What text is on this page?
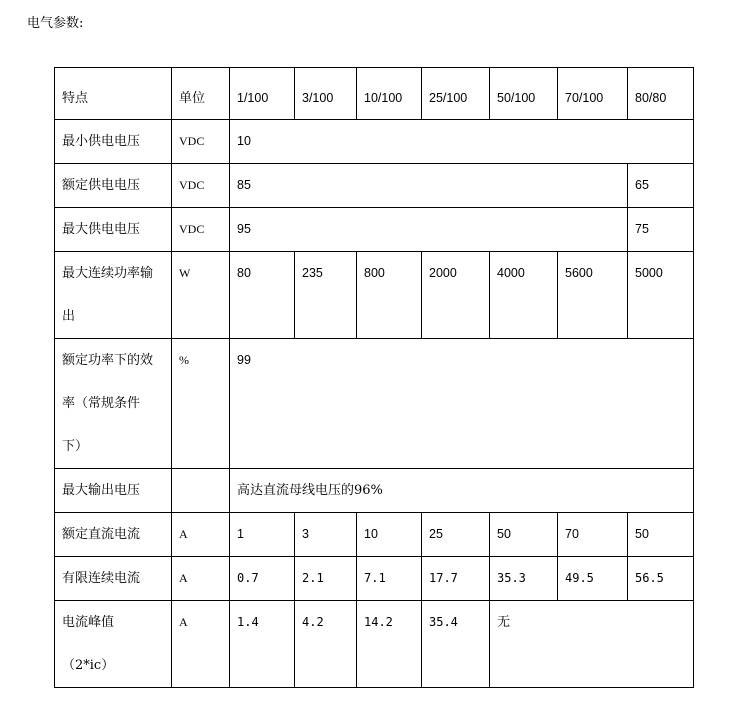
电气参数:
特点	单位	1/100	3/100	10/100	25/100	50/100	70/100	80/80
最小供电电压	VDC	10						
额定供电电压	VDC	85						65
最大供电电压	VDC	95						75

最大连续功率输
出	W	80	235	800	2000	4000	5600	5000

额定功率下的效
率（常规条件
下）	%	99						
最大输出电压		高达直流母线电压的96%						
额定直流电流	A	1	3	10	25	50	70	50
有限连续电流	A	0.7	2.1	7.1	17.7	35.3	49.5	56.5

电流峰值
（2*ic）	A	1.4	4.2	14.2	35.4	无		
